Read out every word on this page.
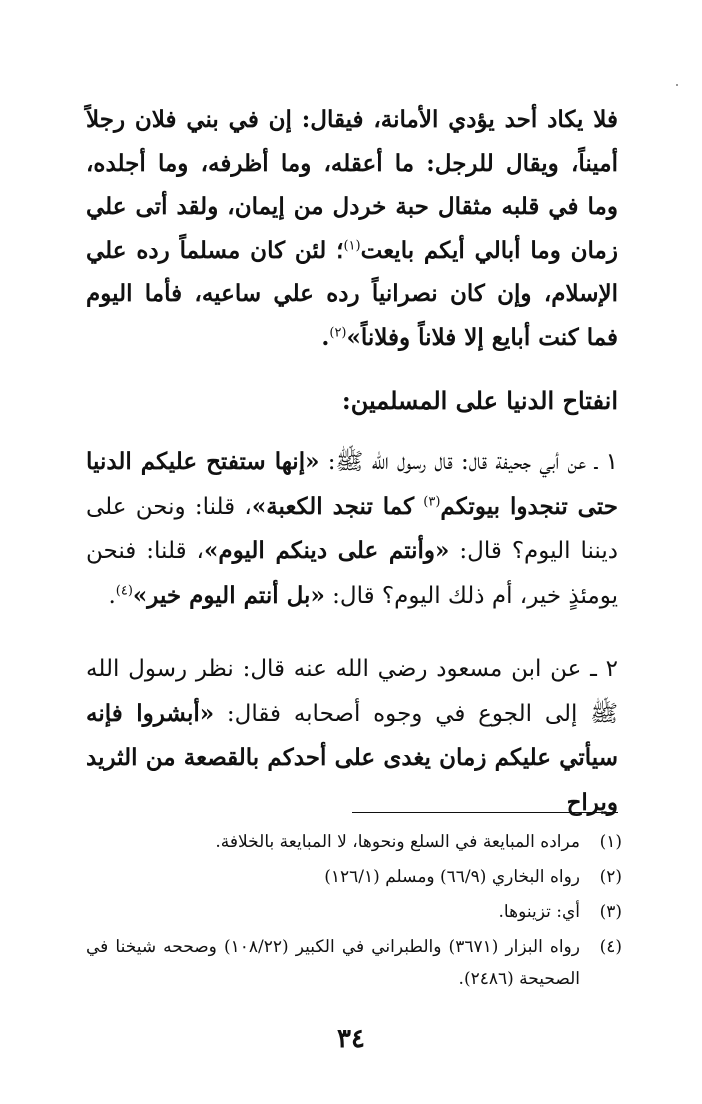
فلا يكاد أحد يؤدي الأمانة، فيقال: إن في بني فلان رجلاً أميناً، ويقال للرجل: ما أعقله، وما أظرفه، وما أجلده، وما في قلبه مثقال حبة خردل من إيمان، ولقد أتى علي زمان وما أبالي أيكم بايعت$^{(١)}$؛ لئن كان مسلماً رده علي الإسلام، وإن كان نصرانياً رده علي ساعيه، فأما اليوم فما كنت أبايع إلا فلاناً وفلاناً»$^{(٢)}$.

انفتاح الدنيا على المسلمين:

١ ـ عن أبي جحيفة قال: قال رسول الله ﷺ: «إنها ستفتح عليكم الدنيا حتى تنجدوا بيوتكم$^{(٣)}$ كما تنجد الكعبة»، قلنا: ونحن على ديننا اليوم؟ قال: «وأنتم على دينكم اليوم»، قلنا: فنحن يومئذٍ خير، أم ذلك اليوم؟ قال: «بل أنتم اليوم خير»$^{(٤)}$.

٢ ـ عن ابن مسعود رضي الله عنه قال: نظر رسول الله ﷺ إلى الجوع في وجوه أصحابه فقال: «أبشروا فإنه سيأتي عليكم زمان يغدى على أحدكم بالقصعة من الثريد ويراح

(١)
مراده المبايعة في السلع ونحوها، لا المبايعة بالخلافة.
(٢)
رواه البخاري (٦٦/٩) ومسلم (١٢٦/١)
(٣)
أي: تزينوها.
(٤)
رواه البزار (٣٦٧١) والطبراني في الكبير (١٠٨/٢٢) وصححه شيخنا في الصحيحة (٢٤٨٦).
٣٤
